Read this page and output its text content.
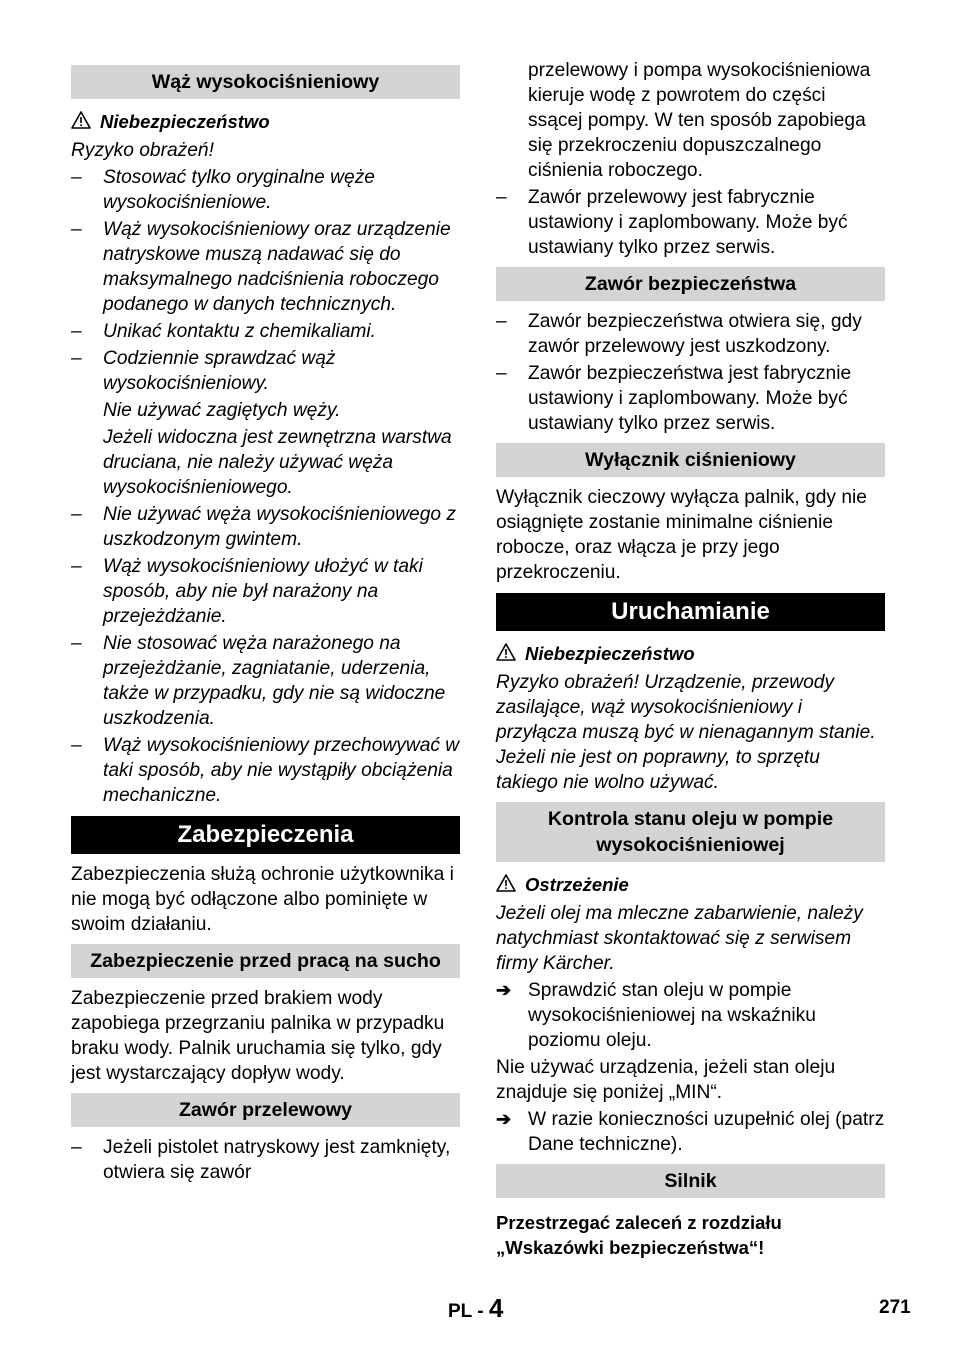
Wąż wysokociśnieniowy
Niebezpieczeństwo

Ryzyko obrażeń!

–	Stosować tylko oryginalne węże wysokociśnieniowe.
–	Wąż wysokociśnieniowy oraz urządzenie natryskowe muszą nadawać się do maksymalnego nadciśnienia roboczego podanego w danych technicznych.
–	Unikać kontaktu z chemikaliami.
–	Codziennie sprawdzać wąż wysokociśnieniowy.

Nie używać zagiętych węży.

Jeżeli widoczna jest zewnętrzna warstwa druciana, nie należy używać węża wysokociśnieniowego.

–	Nie używać węża wysokociśnieniowego z uszkodzonym gwintem.
–	Wąż wysokociśnieniowy ułożyć w taki sposób, aby nie był narażony na przejeżdżanie.
–	Nie stosować węża narażonego na przejeżdżanie, zagniatanie, uderzenia, także w przypadku, gdy nie są widoczne uszkodzenia.
–	Wąż wysokociśnieniowy przechowywać w taki sposób, aby nie wystąpiły obciążenia mechaniczne.
Zabezpieczenia

Zabezpieczenia służą ochronie użytkownika i nie mogą być odłączone albo pominięte w swoim działaniu.

Zabezpieczenie przed pracą na sucho

Zabezpieczenie przed brakiem wody zapobiega przegrzaniu palnika w przypadku braku wody. Palnik uruchamia się tylko, gdy jest wystarczający dopływ wody.

Zawór przelewowy
–	Jeżeli pistolet natryskowy jest zamknięty, otwiera się zawór

przelewowy i pompa wysokociśnieniowa kieruje wodę z powrotem do części ssącej pompy. W ten sposób zapobiega się przekroczeniu dopuszczalnego ciśnienia roboczego.

–	Zawór przelewowy jest fabrycznie ustawiony i zaplombowany. Może być ustawiany tylko przez serwis.
Zawór bezpieczeństwa
–	Zawór bezpieczeństwa otwiera się, gdy zawór przelewowy jest uszkodzony.
–	Zawór bezpieczeństwa jest fabrycznie ustawiony i zaplombowany. Może być ustawiany tylko przez serwis.
Wyłącznik ciśnieniowy

Wyłącznik cieczowy wyłącza palnik, gdy nie osiągnięte zostanie minimalne ciśnienie robocze, oraz włącza je przy jego przekroczeniu.

Uruchamianie
Niebezpieczeństwo

Ryzyko obrażeń! Urządzenie, przewody zasilające, wąż wysokociśnieniowy i przyłącza muszą być w nienagannym stanie. Jeżeli nie jest on poprawny, to sprzętu takiego nie wolno używać.

Kontrola stanu oleju w pompie wysokociśnieniowej
Ostrzeżenie

Jeżeli olej ma mleczne zabarwienie, należy natychmiast skontaktować się z serwisem firmy Kärcher.

➔ Sprawdzić stan oleju w pompie wysokociśnieniowej na wskaźniku poziomu oleju.

Nie używać urządzenia, jeżeli stan oleju znajduje się poniżej „MIN“.

➔ W razie konieczności uzupełnić olej (patrz Dane techniczne).
Silnik

Przestrzegać zaleceń z rozdziału „Wskazówki bezpieczeństwa“!

PL - 4	271
